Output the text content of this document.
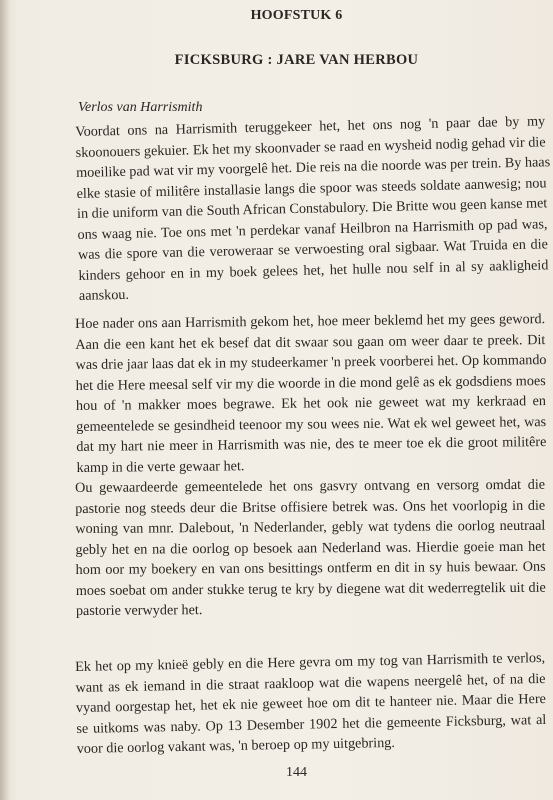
HOOFSTUK 6
FICKSBURG : JARE VAN HERBOU
Verlos van Harrismith
Voordat ons na Harrismith teruggekeer het, het ons nog 'n paar dae by my
skoonouers gekuier. Ek het my skoonvader se raad en wysheid nodig gehad vir die
moeilike pad wat vir my voorgelê het. Die reis na die noorde was per trein. By haas
elke stasie of militêre installasie langs die spoor was steeds soldate aanwesig; nou
in die uniform van die South African Constabulory. Die Britte wou geen kanse met
ons waag nie. Toe ons met 'n perdekar vanaf Heilbron na Harrismith op pad was,
was die spore van die veroweraar se verwoesting oral sigbaar. Wat Truida en die
kinders gehoor en in my boek gelees het, het hulle nou self in al sy aakligheid
aanskou.
Hoe nader ons aan Harrismith gekom het, hoe meer beklemd het my gees geword.
Aan die een kant het ek besef dat dit swaar sou gaan om weer daar te preek. Dit
was drie jaar laas dat ek in my studeerkamer 'n preek voorberei het. Op kommando
het die Here meesal self vir my die woorde in die mond gelê as ek godsdiens moes
hou of 'n makker moes begrawe. Ek het ook nie geweet wat my kerkraad en
gemeentelede se gesindheid teenoor my sou wees nie. Wat ek wel geweet het, was
dat my hart nie meer in Harrismith was nie, des te meer toe ek die groot militêre
kamp in die verte gewaar het.
Ou gewaardeerde gemeentelede het ons gasvry ontvang en versorg omdat die
pastorie nog steeds deur die Britse offisiere betrek was. Ons het voorlopig in die
woning van mnr. Dalebout, 'n Nederlander, gebly wat tydens die oorlog neutraal
gebly het en na die oorlog op besoek aan Nederland was. Hierdie goeie man het
hom oor my boekery en van ons besittings ontferm en dit in sy huis bewaar. Ons
moes soebat om ander stukke terug te kry by diegene wat dit wederregtelik uit die
pastorie verwyder het.
Ek het op my knieë gebly en die Here gevra om my tog van Harrismith te verlos,
want as ek iemand in die straat raakloop wat die wapens neergelê het, of na die
vyand oorgestap het, het ek nie geweet hoe om dit te hanteer nie. Maar die Here
se uitkoms was naby. Op 13 Desember 1902 het die gemeente Ficksburg, wat al
voor die oorlog vakant was, 'n beroep op my uitgebring.
144
